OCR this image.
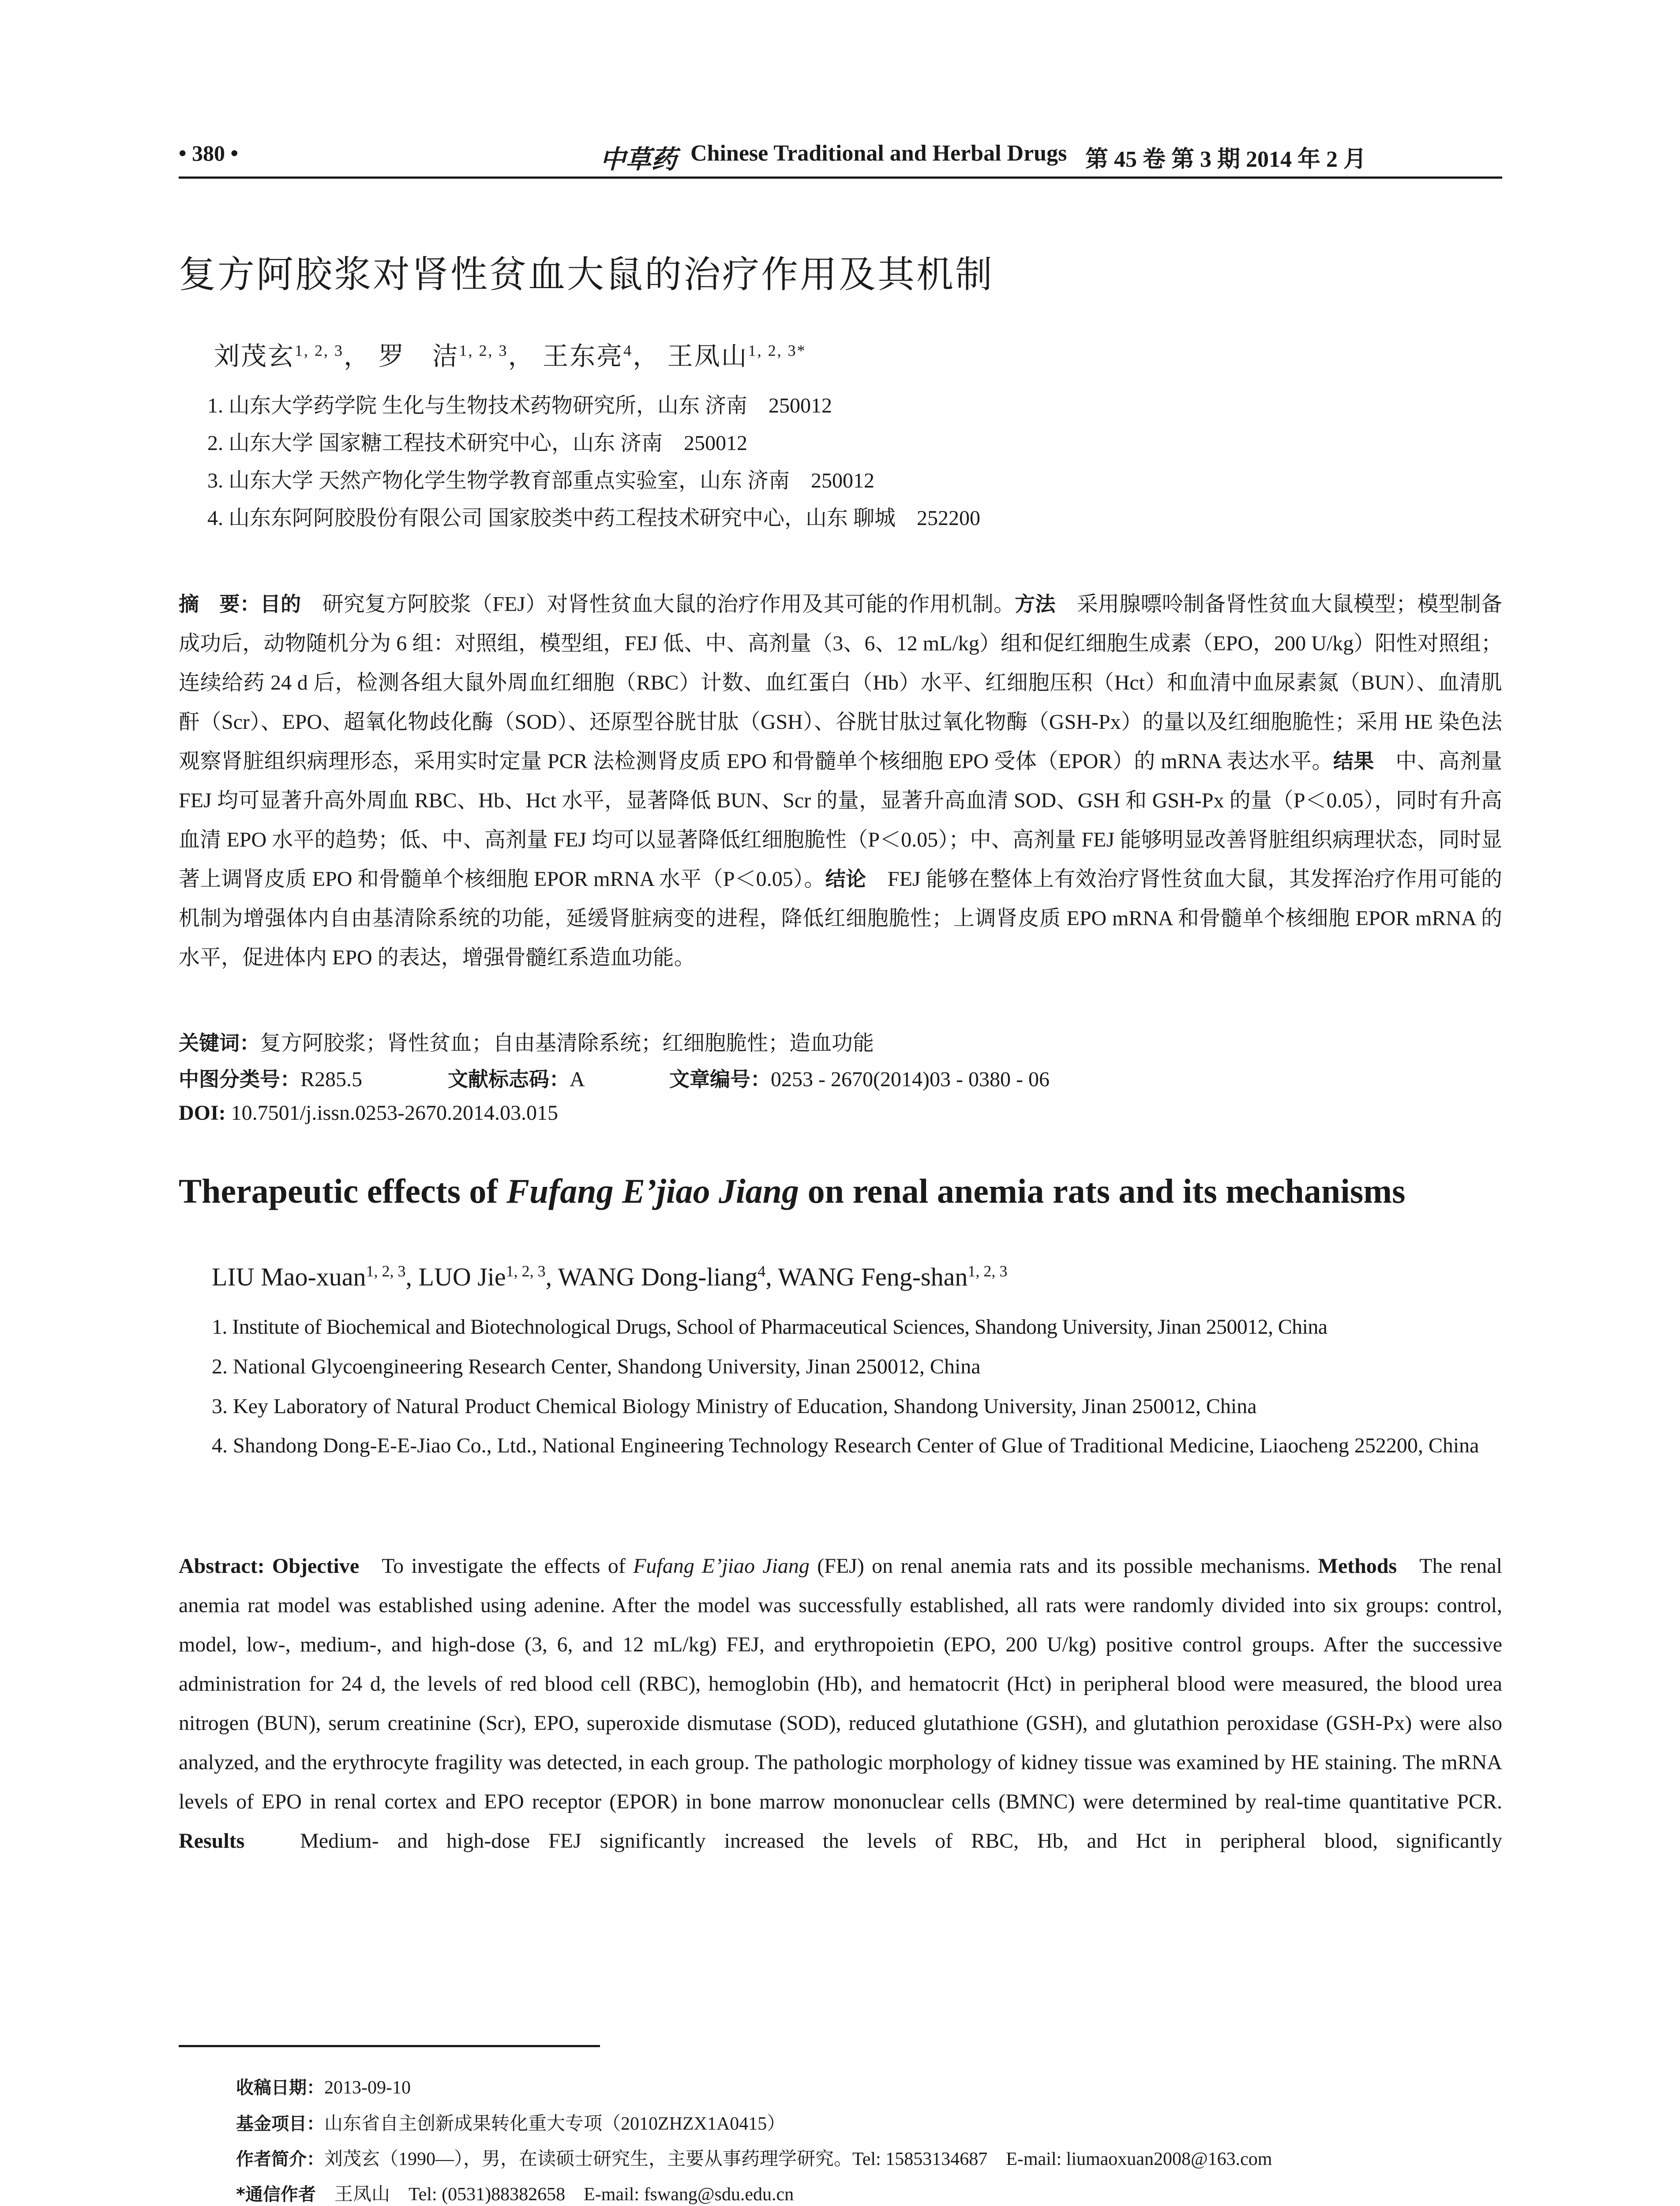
• 380 •	中草药 Chinese Traditional and Herbal Drugs 第 45 卷 第 3 期 2014 年 2 月
复方阿胶浆对肾性贫血大鼠的治疗作用及其机制
刘茂玄$^{1, 2, 3}$， 罗　洁$^{1, 2, 3}$， 王东亮$^4$， 王凤山$^{1, 2, 3*}$
1. 山东大学药学院 生化与生物技术药物研究所，山东 济南　250012
2. 山东大学 国家糖工程技术研究中心，山东 济南　250012
3. 山东大学 天然产物化学生物学教育部重点实验室，山东 济南　250012
4. 山东东阿阿胶股份有限公司 国家胶类中药工程技术研究中心，山东 聊城　252200
摘　要：目的　 研究复方阿胶浆（FEJ）对肾性贫血大鼠的治疗作用及其可能的作用机制。方法　 采用腺嘌呤制备肾性贫血大鼠模型；模型制备成功后，动物随机分为 6 组：对照组，模型组，FEJ 低、中、高剂量（3、6、12 mL/kg）组和促红细胞生成素（EPO，200 U/kg）阳性对照组；连续给药 24 d 后，检测各组大鼠外周血红细胞（RBC）计数、血红蛋白（Hb）水平、红细胞压积（Hct）和血清中血尿素氮（BUN）、血清肌酐（Scr）、EPO、超氧化物歧化酶（SOD）、还原型谷胱甘肽（GSH）、谷胱甘肽过氧化物酶（GSH-Px）的量以及红细胞脆性；采用 HE 染色法观察肾脏组织病理形态，采用实时定量 PCR 法检测肾皮质 EPO 和骨髓单个核细胞 EPO 受体（EPOR）的 mRNA 表达水平。结果　 中、高剂量 FEJ 均可显著升高外周血 RBC、Hb、Hct 水平，显著降低 BUN、Scr 的量，显著升高血清 SOD、GSH 和 GSH-Px 的量（P＜0.05），同时有升高血清 EPO 水平的趋势；低、中、高剂量 FEJ 均可以显著降低红细胞脆性（P＜0.05）；中、高剂量 FEJ 能够明显改善肾脏组织病理状态，同时显著上调肾皮质 EPO 和骨髓单个核细胞 EPOR mRNA 水平（P＜0.05）。结论　 FEJ 能够在整体上有效治疗肾性贫血大鼠，其发挥治疗作用可能的机制为增强体内自由基清除系统的功能，延缓肾脏病变的进程，降低红细胞脆性；上调肾皮质 EPO mRNA 和骨髓单个核细胞 EPOR mRNA 的水平，促进体内 EPO 的表达，增强骨髓红系造血功能。
关键词：复方阿胶浆；肾性贫血；自由基清除系统；红细胞脆性；造血功能
中图分类号：R285.5	文献标志码：A	文章编号：0253 - 2670(2014)03 - 0380 - 06
DOI: 10.7501/j.issn.0253-2670.2014.03.015
Therapeutic effects of Fufang E’jiao Jiang on renal anemia rats and its mechanisms
LIU Mao-xuan$^{1, 2, 3}$, LUO Jie$^{1, 2, 3}$, WANG Dong-liang$^4$, WANG Feng-shan$^{1, 2, 3}$
1. Institute of Biochemical and Biotechnological Drugs, School of Pharmaceutical Sciences, Shandong University, Jinan 250012, China
2. National Glycoengineering Research Center, Shandong University, Jinan 250012, China
3. Key Laboratory of Natural Product Chemical Biology Ministry of Education, Shandong University, Jinan 250012, China
4. Shandong Dong-E-E-Jiao Co., Ltd., National Engineering Technology Research Center of Glue of Traditional Medicine, Liaocheng 252200, China
Abstract: Objective To investigate the effects of Fufang E’jiao Jiang (FEJ) on renal anemia rats and its possible mechanisms. Methods The renal anemia rat model was established using adenine. After the model was successfully established, all rats were randomly divided into six groups: control, model, low-, medium-, and high-dose (3, 6, and 12 mL/kg) FEJ, and erythropoietin (EPO, 200 U/kg) positive control groups. After the successive administration for 24 d, the levels of red blood cell (RBC), hemoglobin (Hb), and hematocrit (Hct) in peripheral blood were measured, the blood urea nitrogen (BUN), serum creatinine (Scr), EPO, superoxide dismutase (SOD), reduced glutathione (GSH), and glutathion peroxidase (GSH-Px) were also analyzed, and the erythrocyte fragility was detected, in each group. The pathologic morphology of kidney tissue was examined by HE staining. The mRNA levels of EPO in renal cortex and EPO receptor (EPOR) in bone marrow mononuclear cells (BMNC) were determined by real-time quantitative PCR. Results	Medium- and high-dose FEJ significantly increased the levels of RBC, Hb, and Hct in peripheral blood, significantly
收稿日期：2013-09-10
基金项目：山东省自主创新成果转化重大专项（2010ZHZX1A0415）
作者简介：刘茂玄（1990—），男，在读硕士研究生，主要从事药理学研究。Tel: 15853134687　E-mail: liumaoxuan2008@163.com
*通信作者　 王凤山　Tel: (0531)88382658　E-mail: fswang@sdu.edu.cn
